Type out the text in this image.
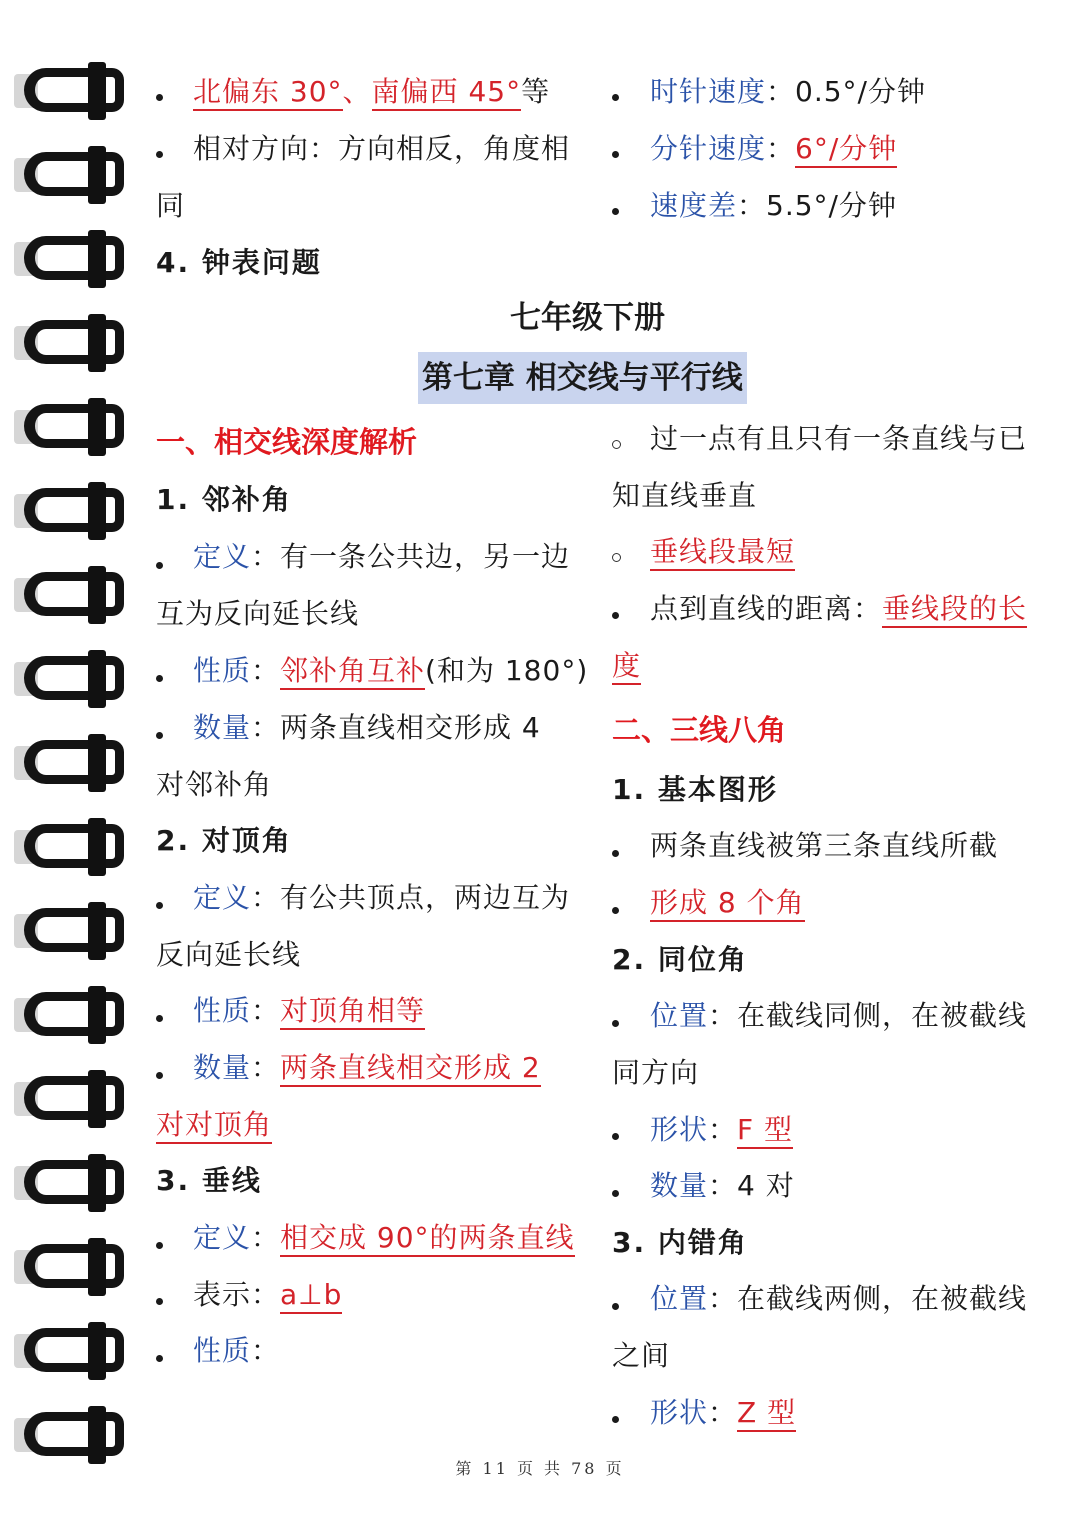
北偏东 30°、南偏西 45°等
相对方向：方向相反，角度相
同
4. 钟表问题
时针速度：0.5°/分钟
分针速度：6°/分钟
速度差：5.5°/分钟
七年级下册
第七章 相交线与平行线
一、相交线深度解析
1. 邻补角
定义：有一条公共边，另一边
互为反向延长线
性质：邻补角互补(和为 180°)
数量：两条直线相交形成 4
对邻补角
2. 对顶角
定义：有公共顶点，两边互为
反向延长线
性质：对顶角相等
数量：两条直线相交形成 2
对对顶角
3. 垂线
定义：相交成 90°的两条直线
表示：a⊥b
性质：
过一点有且只有一条直线与已
知直线垂直
垂线段最短
点到直线的距离：垂线段的长
度
二、三线八角
1. 基本图形
两条直线被第三条直线所截
形成 8 个角
2. 同位角
位置：在截线同侧，在被截线
同方向
形状：F 型
数量：4 对
3. 内错角
位置：在截线两侧，在被截线
之间
形状：Z 型
第 11 页 共 78 页
